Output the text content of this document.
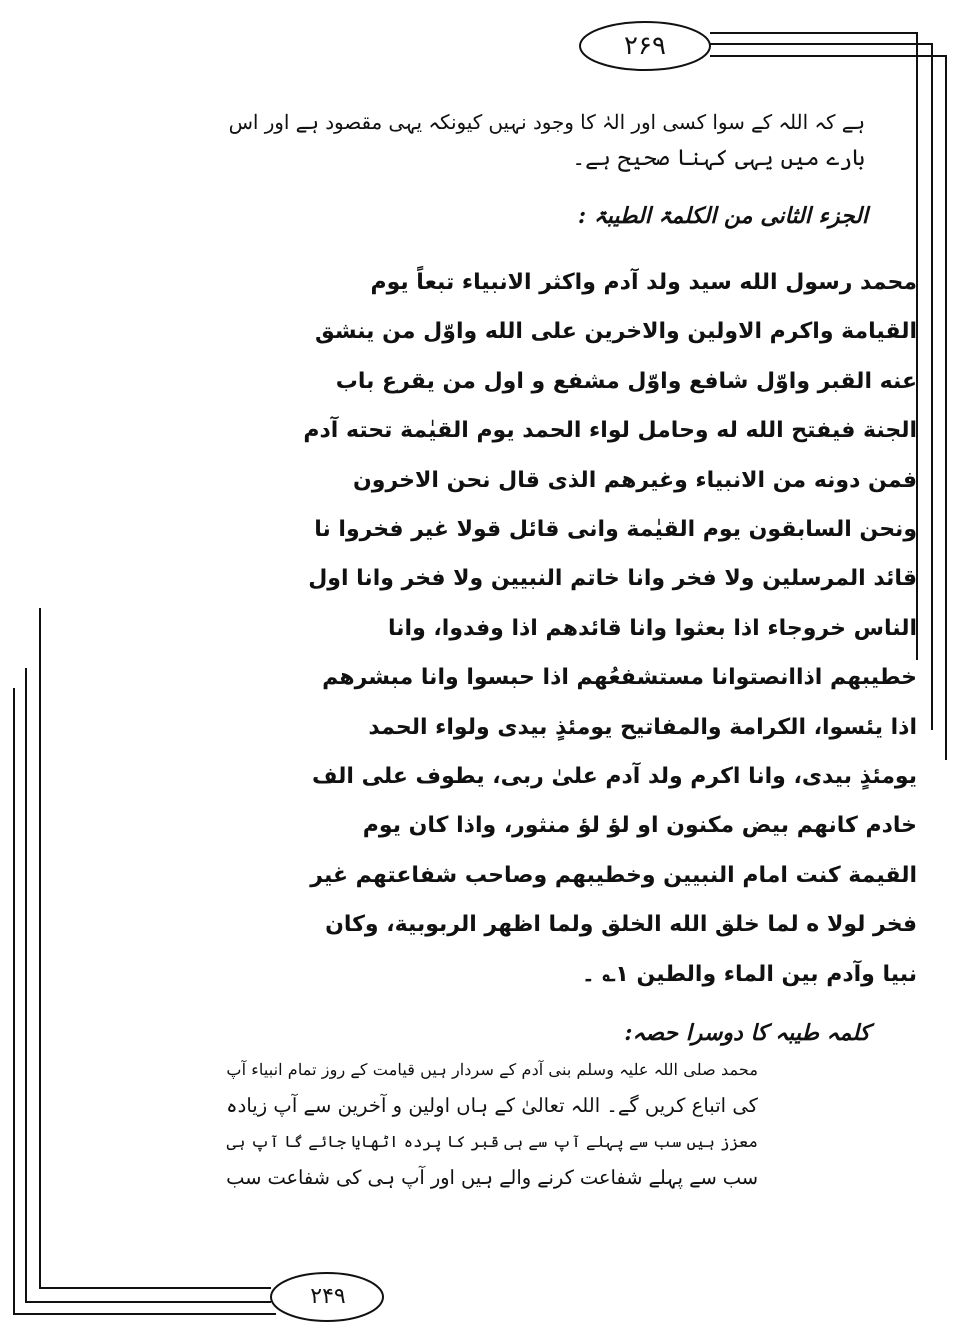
۲۶۹
۲۴۹
ہے کہ اللہ کے سوا کسی اور الہٰ کا وجود نہیں کیونکہ یہی مقصود ہے اور اس
بارے میں یہی کہنا صحیح ہے۔
الجزء الثانی من الکلمۃ الطیبۃ :
محمد رسول الله سيد ولد آدم واكثر الانبياء تبعاً يوم
القيامة واكرم الاولين والاخرين على الله واوّل من ينشق
عنه القبر واوّل شافع واوّل مشفع و اول من يقرع باب
الجنة فيفتح الله له وحامل لواء الحمد يوم القيٰمة تحته آدم
فمن دونه من الانبياء وغيرهم الذى قال نحن الاخرون
ونحن السابقون يوم القيٰمة وانى قائل قولا غير فخروا نا
قائد المرسلين ولا فخر وانا خاتم النبيين ولا فخر وانا اول
الناس خروجاء اذا بعثوا وانا قائدهم اذا وفدوا، وانا
خطيبهم اذاانصتوانا مستشفعُهم اذا حبسوا وانا مبشرهم
اذا يئسوا، الكرامة والمفاتيح يومئذٍ بيدى ولواء الحمد
يومئذٍ بيدى، وانا اكرم ولد آدم علىٰ ربى، يطوف على الف
خادم كانهم بيض مكنون او لؤ لؤ منثور، واذا كان يوم
القيمة كنت امام النبيين وخطيبهم وصاحب شفاعتهم غير
فخر لولا ه لما خلق الله الخلق ولما اظهر الربوبية، وكان
نبيا وآدم بين الماء والطين ١؎ ۔
کلمہ طیبہ کا دوسرا حصہ:
محمد صلی اللہ علیہ وسلم بنی آدم کے سردار ہیں قیامت کے روز تمام انبیاء آپ
کی اتباع کریں گے۔ اللہ تعالیٰ کے ہاں اولین و آخرین سے آپ زیادہ
معزز ہیں سب سے پہلے آپ سے ہی قبر کا پردہ اٹھایا جائے گا آپ ہی
سب سے پہلے شفاعت کرنے والے ہیں اور آپ ہی کی شفاعت سب
